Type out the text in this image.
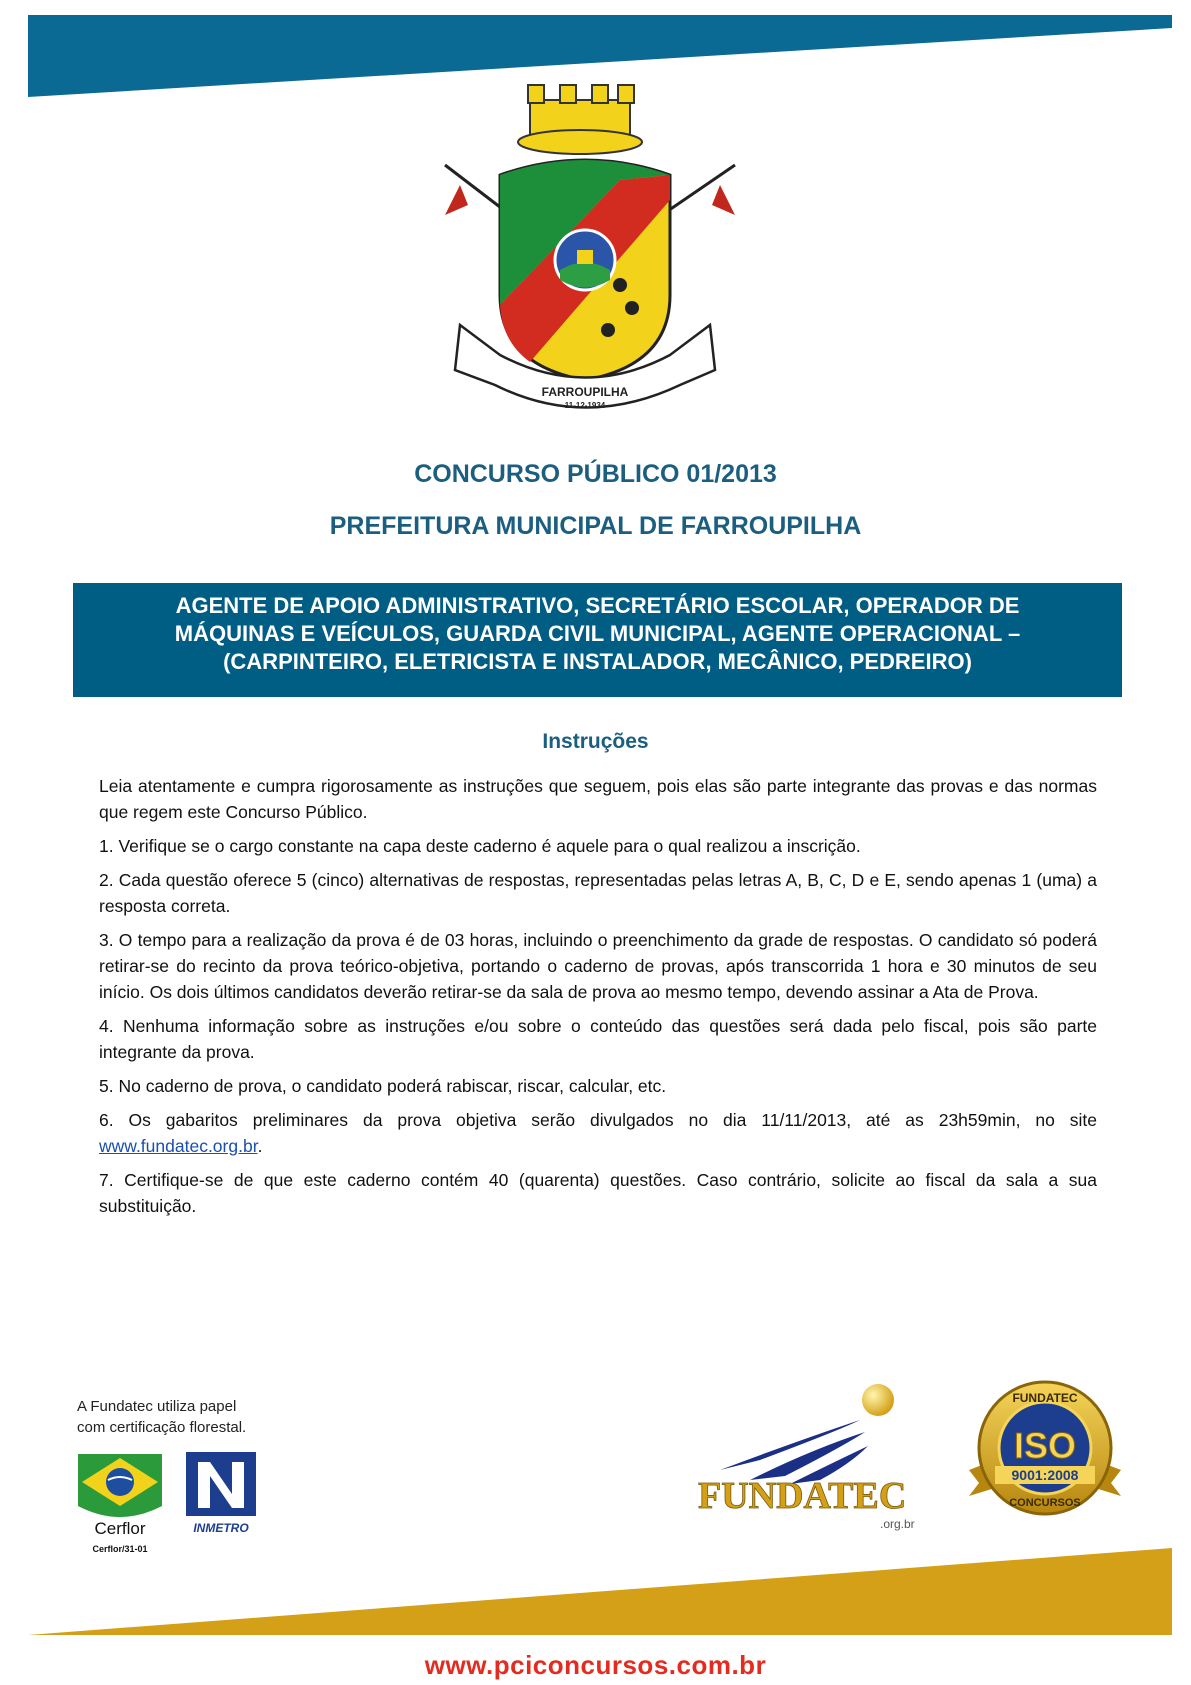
FARROUPILHA
11-12-1934
CONCURSO PÚBLICO 01/2013
PREFEITURA MUNICIPAL DE FARROUPILHA
AGENTE DE APOIO ADMINISTRATIVO, SECRETÁRIO ESCOLAR, OPERADOR DE
MÁQUINAS E VEÍCULOS, GUARDA CIVIL MUNICIPAL, AGENTE OPERACIONAL –
(CARPINTEIRO, ELETRICISTA E INSTALADOR, MECÂNICO, PEDREIRO)
Instruções

Leia atentamente e cumpra rigorosamente as instruções que seguem, pois elas são parte integrante das provas e das normas que regem este Concurso Público.

1. Verifique se o cargo constante na capa deste caderno é aquele para o qual realizou a inscrição.

2. Cada questão oferece 5 (cinco) alternativas de respostas, representadas pelas letras A, B, C, D e E, sendo apenas 1 (uma) a resposta correta.

3. O tempo para a realização da prova é de 03 horas, incluindo o preenchimento da grade de respostas. O candidato só poderá retirar-se do recinto da prova teórico-objetiva, portando o caderno de provas, após transcorrida 1 hora e 30 minutos de seu início. Os dois últimos candidatos deverão retirar-se da sala de prova ao mesmo tempo, devendo assinar a Ata de Prova.

4. Nenhuma informação sobre as instruções e/ou sobre o conteúdo das questões será dada pelo fiscal, pois são parte integrante da prova.

5. No caderno de prova, o candidato poderá rabiscar, riscar, calcular, etc.

6. Os gabaritos preliminares da prova objetiva serão divulgados no dia 11/11/2013, até as 23h59min, no site www.fundatec.org.br.

7. Certifique-se de que este caderno contém 40 (quarenta) questões. Caso contrário, solicite ao fiscal da sala a sua substituição.

A Fundatec utiliza papel
com certificação florestal.
Cerflor
Cerflor/31-01
INMETRO
FUNDATEC
.org.br
FUNDATEC
ISO
9001:2008
CONCURSOS
www.pciconcursos.com.br
